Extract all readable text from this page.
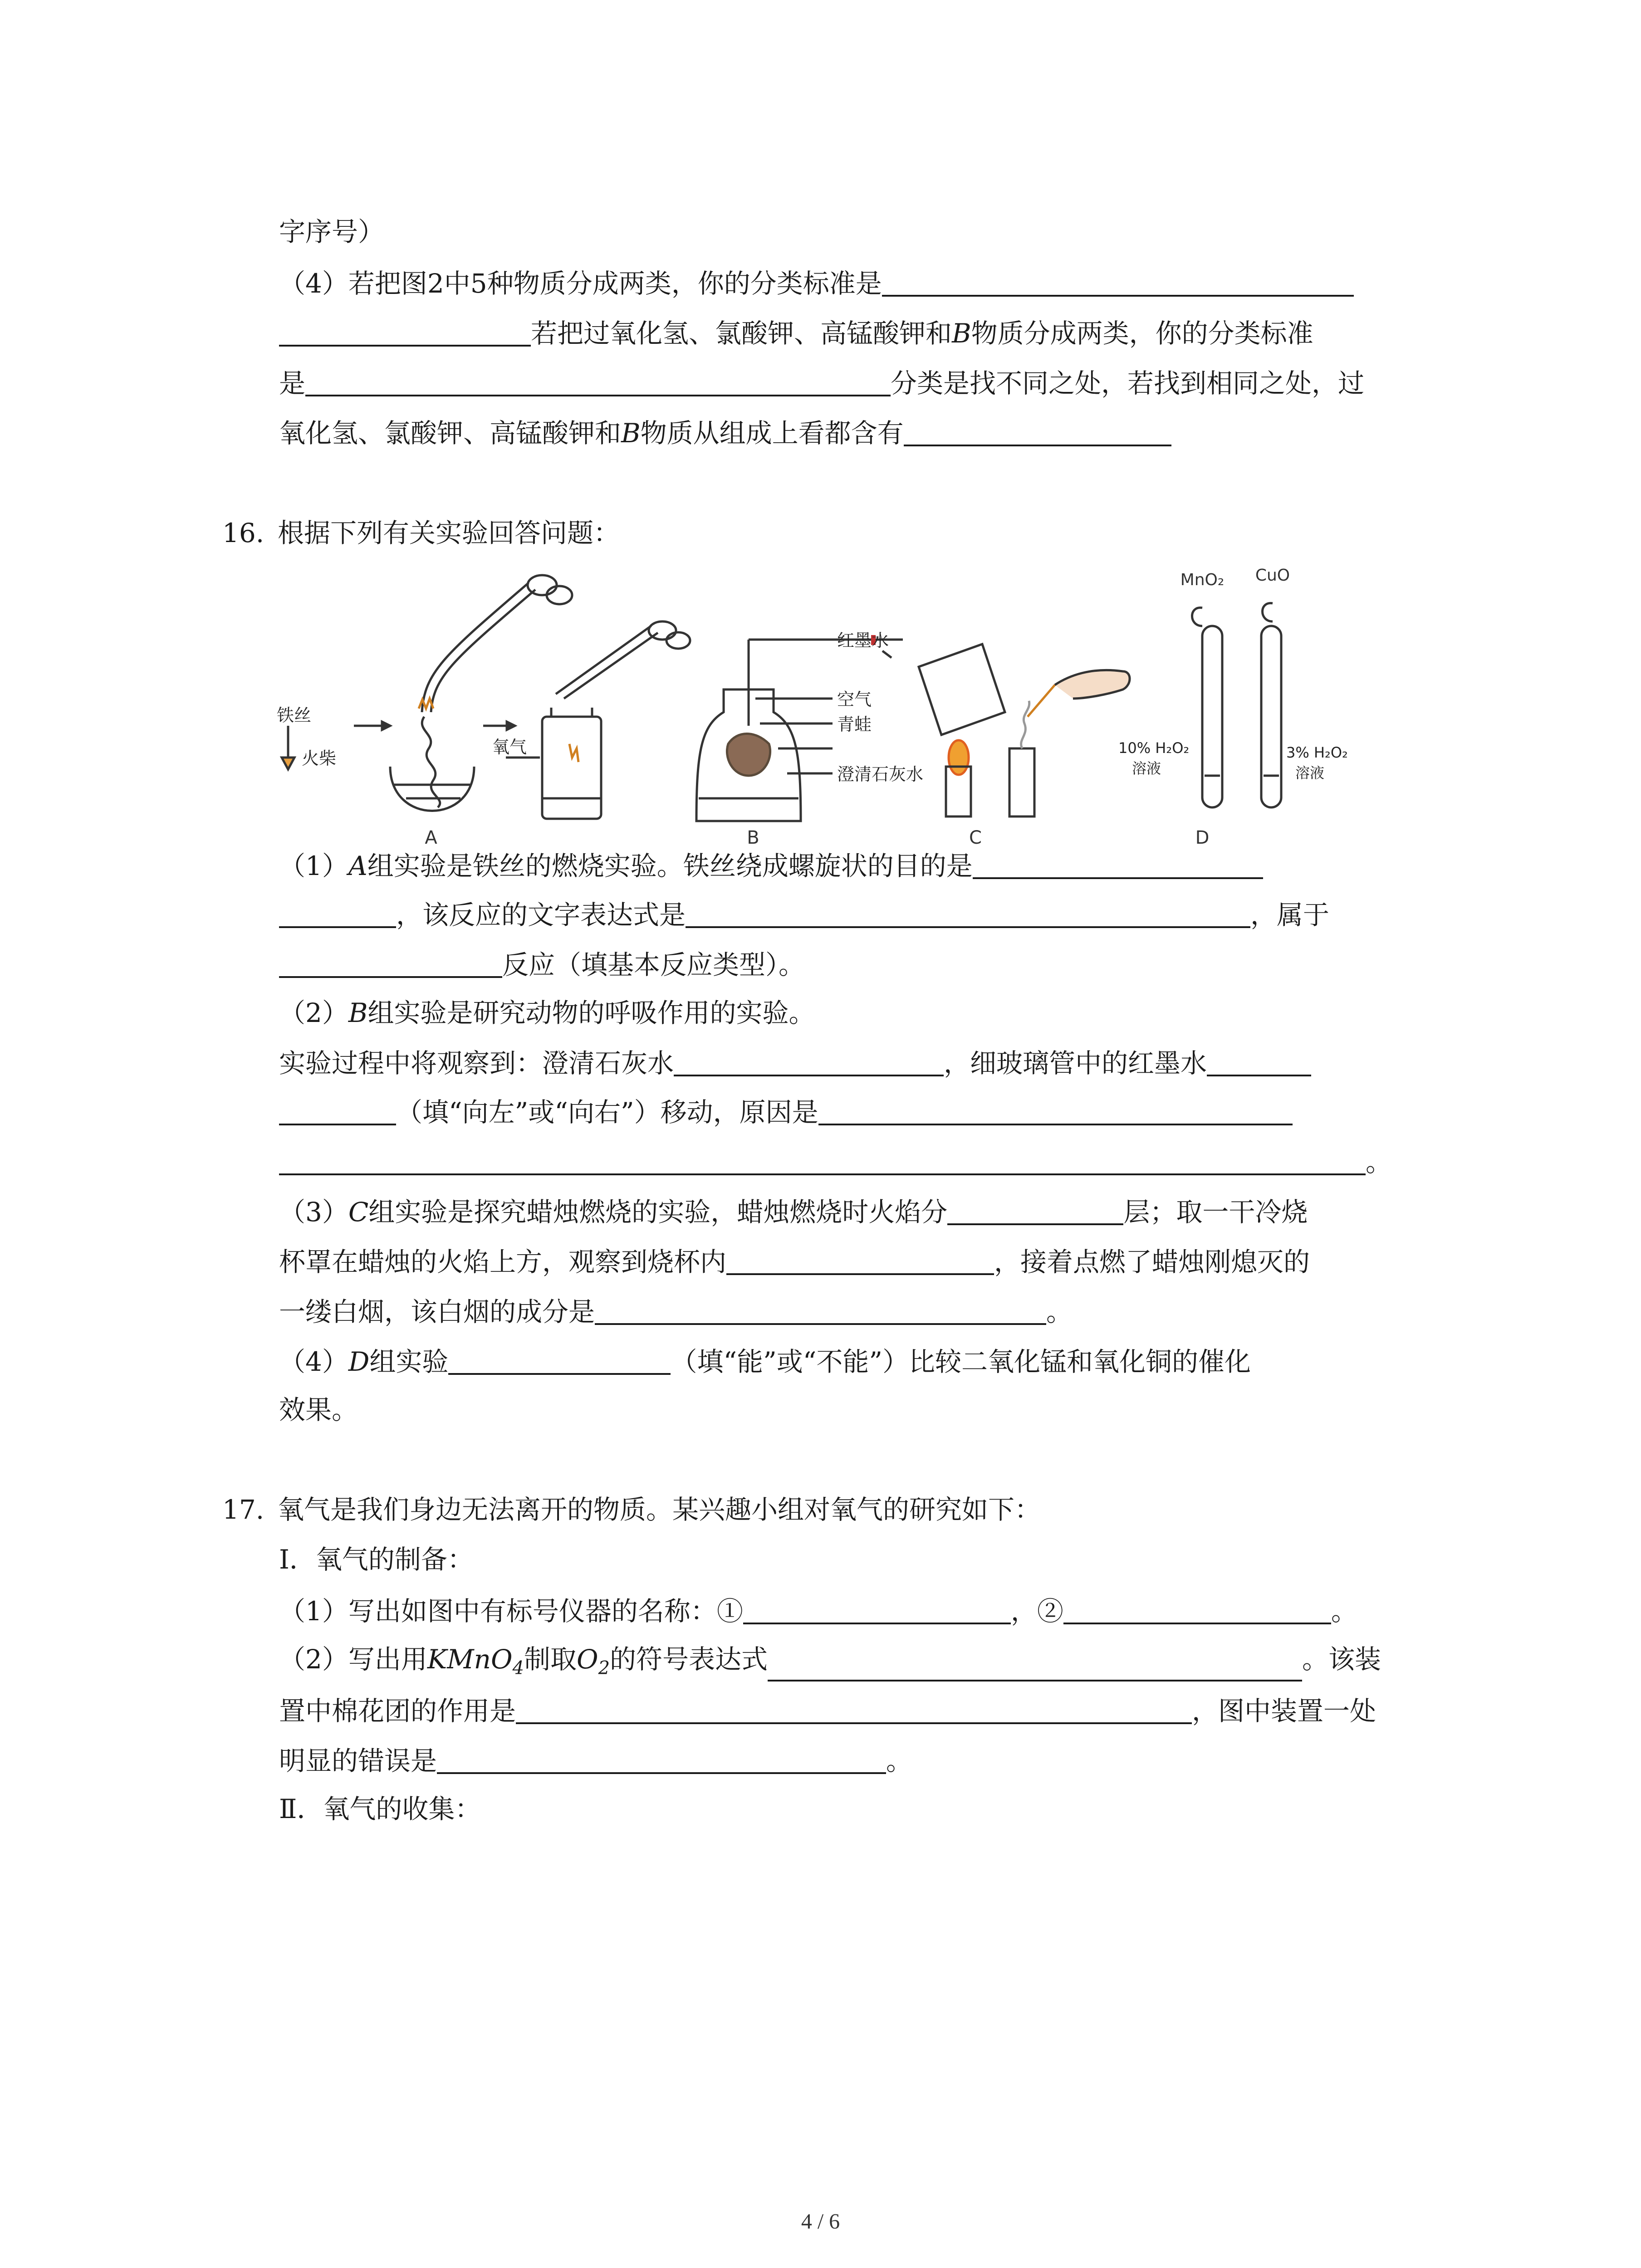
字序号）
（4）若把图2中5种物质分成两类，你的分类标准是
若把过氧化氢、氯酸钾、高锰酸钾和B物质分成两类，你的分类标准
是	分类是找不同之处，若找到相同之处，过
氧化氢、氯酸钾、高锰酸钾和B物质从组成上看都含有
16. 根据下列有关实验回答问题：
A	B	C
MnO₂ CuO
D
铁丝
火柴
氧气
红墨水
空气
青蛙
澄清石灰水
10% H₂O₂
溶液
3% H₂O₂
溶液
（1）A组实验是铁丝的燃烧实验。铁丝绕成螺旋状的目的是
，该反应的文字表达式是	，属于
反应（填基本反应类型）。
（2）B组实验是研究动物的呼吸作用的实验。
实验过程中将观察到：澄清石灰水	，细玻璃管中的红墨水
（填“向左”或“向右”）移动，原因是
。
（3）C组实验是探究蜡烛燃烧的实验，蜡烛燃烧时火焰分	层；取一干冷烧
杯罩在蜡烛的火焰上方，观察到烧杯内	，接着点燃了蜡烛刚熄灭的
一缕白烟，该白烟的成分是	。
（4）D组实验	（填“能”或“不能”）比较二氧化锰和氧化铜的催化
效果。
17. 氧气是我们身边无法离开的物质。某兴趣小组对氧气的研究如下：
Ⅰ．氧气的制备：
（1）写出如图中有标号仪器的名称：①	，②	。
（2）写出用KMnO$_4$制取$O_2$的符号表达式	。该装
置中棉花团的作用是	，图中装置一处
明显的错误是	。
Ⅱ．氧气的收集：
4 / 6
